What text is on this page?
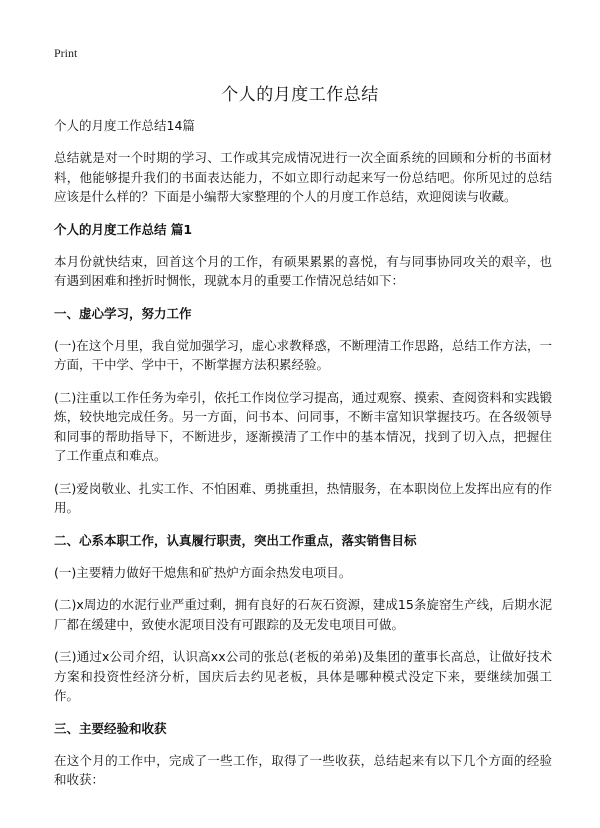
Print
个人的月度工作总结

个人的月度工作总结14篇

总结就是对一个时期的学习、工作或其完成情况进行一次全面系统的回顾和分析的书面材料，他能够提升我们的书面表达能力，不如立即行动起来写一份总结吧。你所见过的总结应该是什么样的？下面是小编帮大家整理的个人的月度工作总结，欢迎阅读与收藏。

个人的月度工作总结 篇1

本月份就快结束，回首这个月的工作，有硕果累累的喜悦，有与同事协同攻关的艰辛，也有遇到困难和挫折时惆怅，现就本月的重要工作情况总结如下：

一、虚心学习，努力工作

(一)在这个月里，我自觉加强学习，虚心求教释惑，不断理清工作思路，总结工作方法，一方面，干中学、学中干，不断掌握方法积累经验。

(二)注重以工作任务为牵引，依托工作岗位学习提高，通过观察、摸索、查阅资料和实践锻炼，较快地完成任务。另一方面，问书本、问同事，不断丰富知识掌握技巧。在各级领导和同事的帮助指导下，不断进步，逐渐摸清了工作中的基本情况，找到了切入点，把握住了工作重点和难点。

(三)爱岗敬业、扎实工作、不怕困难、勇挑重担，热情服务，在本职岗位上发挥出应有的作用。

二、心系本职工作，认真履行职责，突出工作重点，落实销售目标

(一)主要精力做好干熄焦和矿热炉方面余热发电项目。

(二)x周边的水泥行业严重过剩，拥有良好的石灰石资源，建成15条旋窑生产线，后期水泥厂都在缓建中，致使水泥项目没有可跟踪的及无发电项目可做。

(三)通过x公司介绍，认识高xx公司的张总(老板的弟弟)及集团的董事长高总，让做好技术方案和投资性经济分析，国庆后去约见老板，具体是哪种模式没定下来，要继续加强工作。

三、主要经验和收获

在这个月的工作中，完成了一些工作，取得了一些收获，总结起来有以下几个方面的经验和收获：
